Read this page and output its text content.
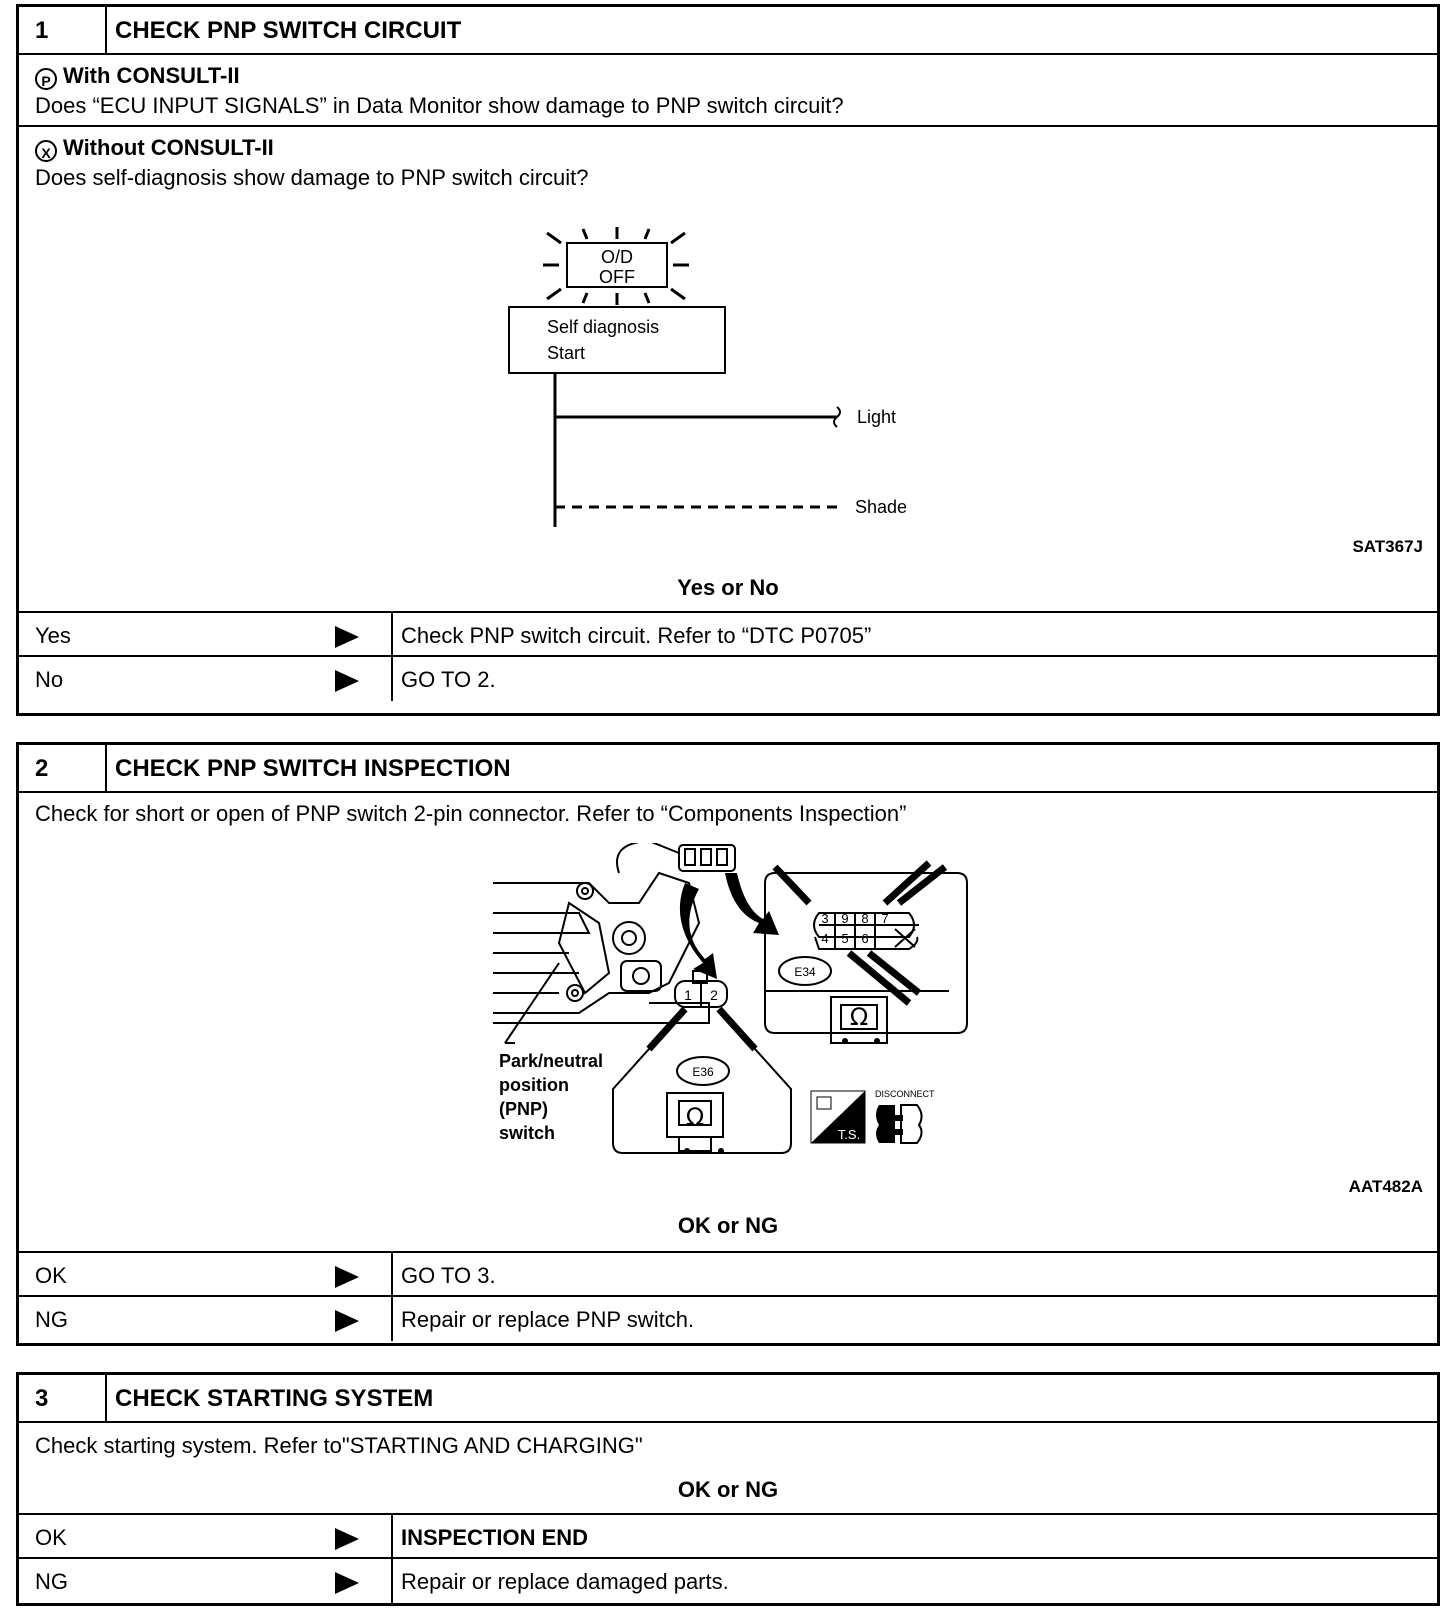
1	CHECK PNP SWITCH CIRCUIT
P With CONSULT-II
Does “ECU INPUT SIGNALS” in Data Monitor show damage to PNP switch circuit?
X Without CONSULT-II
Does self-diagnosis show damage to PNP switch circuit?
O/D
OFF
Self diagnosis
Start
Light
Shade
SAT367J
Yes or No
Yes	Check PNP switch circuit. Refer to “DTC P0705”
No	GO TO 2.
2	CHECK PNP SWITCH INSPECTION
Check for short or open of PNP switch 2-pin connector. Refer to “Components Inspection”
1 2
E36
Ω
3 9 8 7
4 5 6
E34
Ω
T.S.
DISCONNECT
Park/neutral
position
(PNP)
switch
AAT482A
OK or NG
OK	GO TO 3.
NG	Repair or replace PNP switch.
3	CHECK STARTING SYSTEM
Check starting system. Refer to"STARTING AND CHARGING"
OK or NG
OK	INSPECTION END
NG	Repair or replace damaged parts.
